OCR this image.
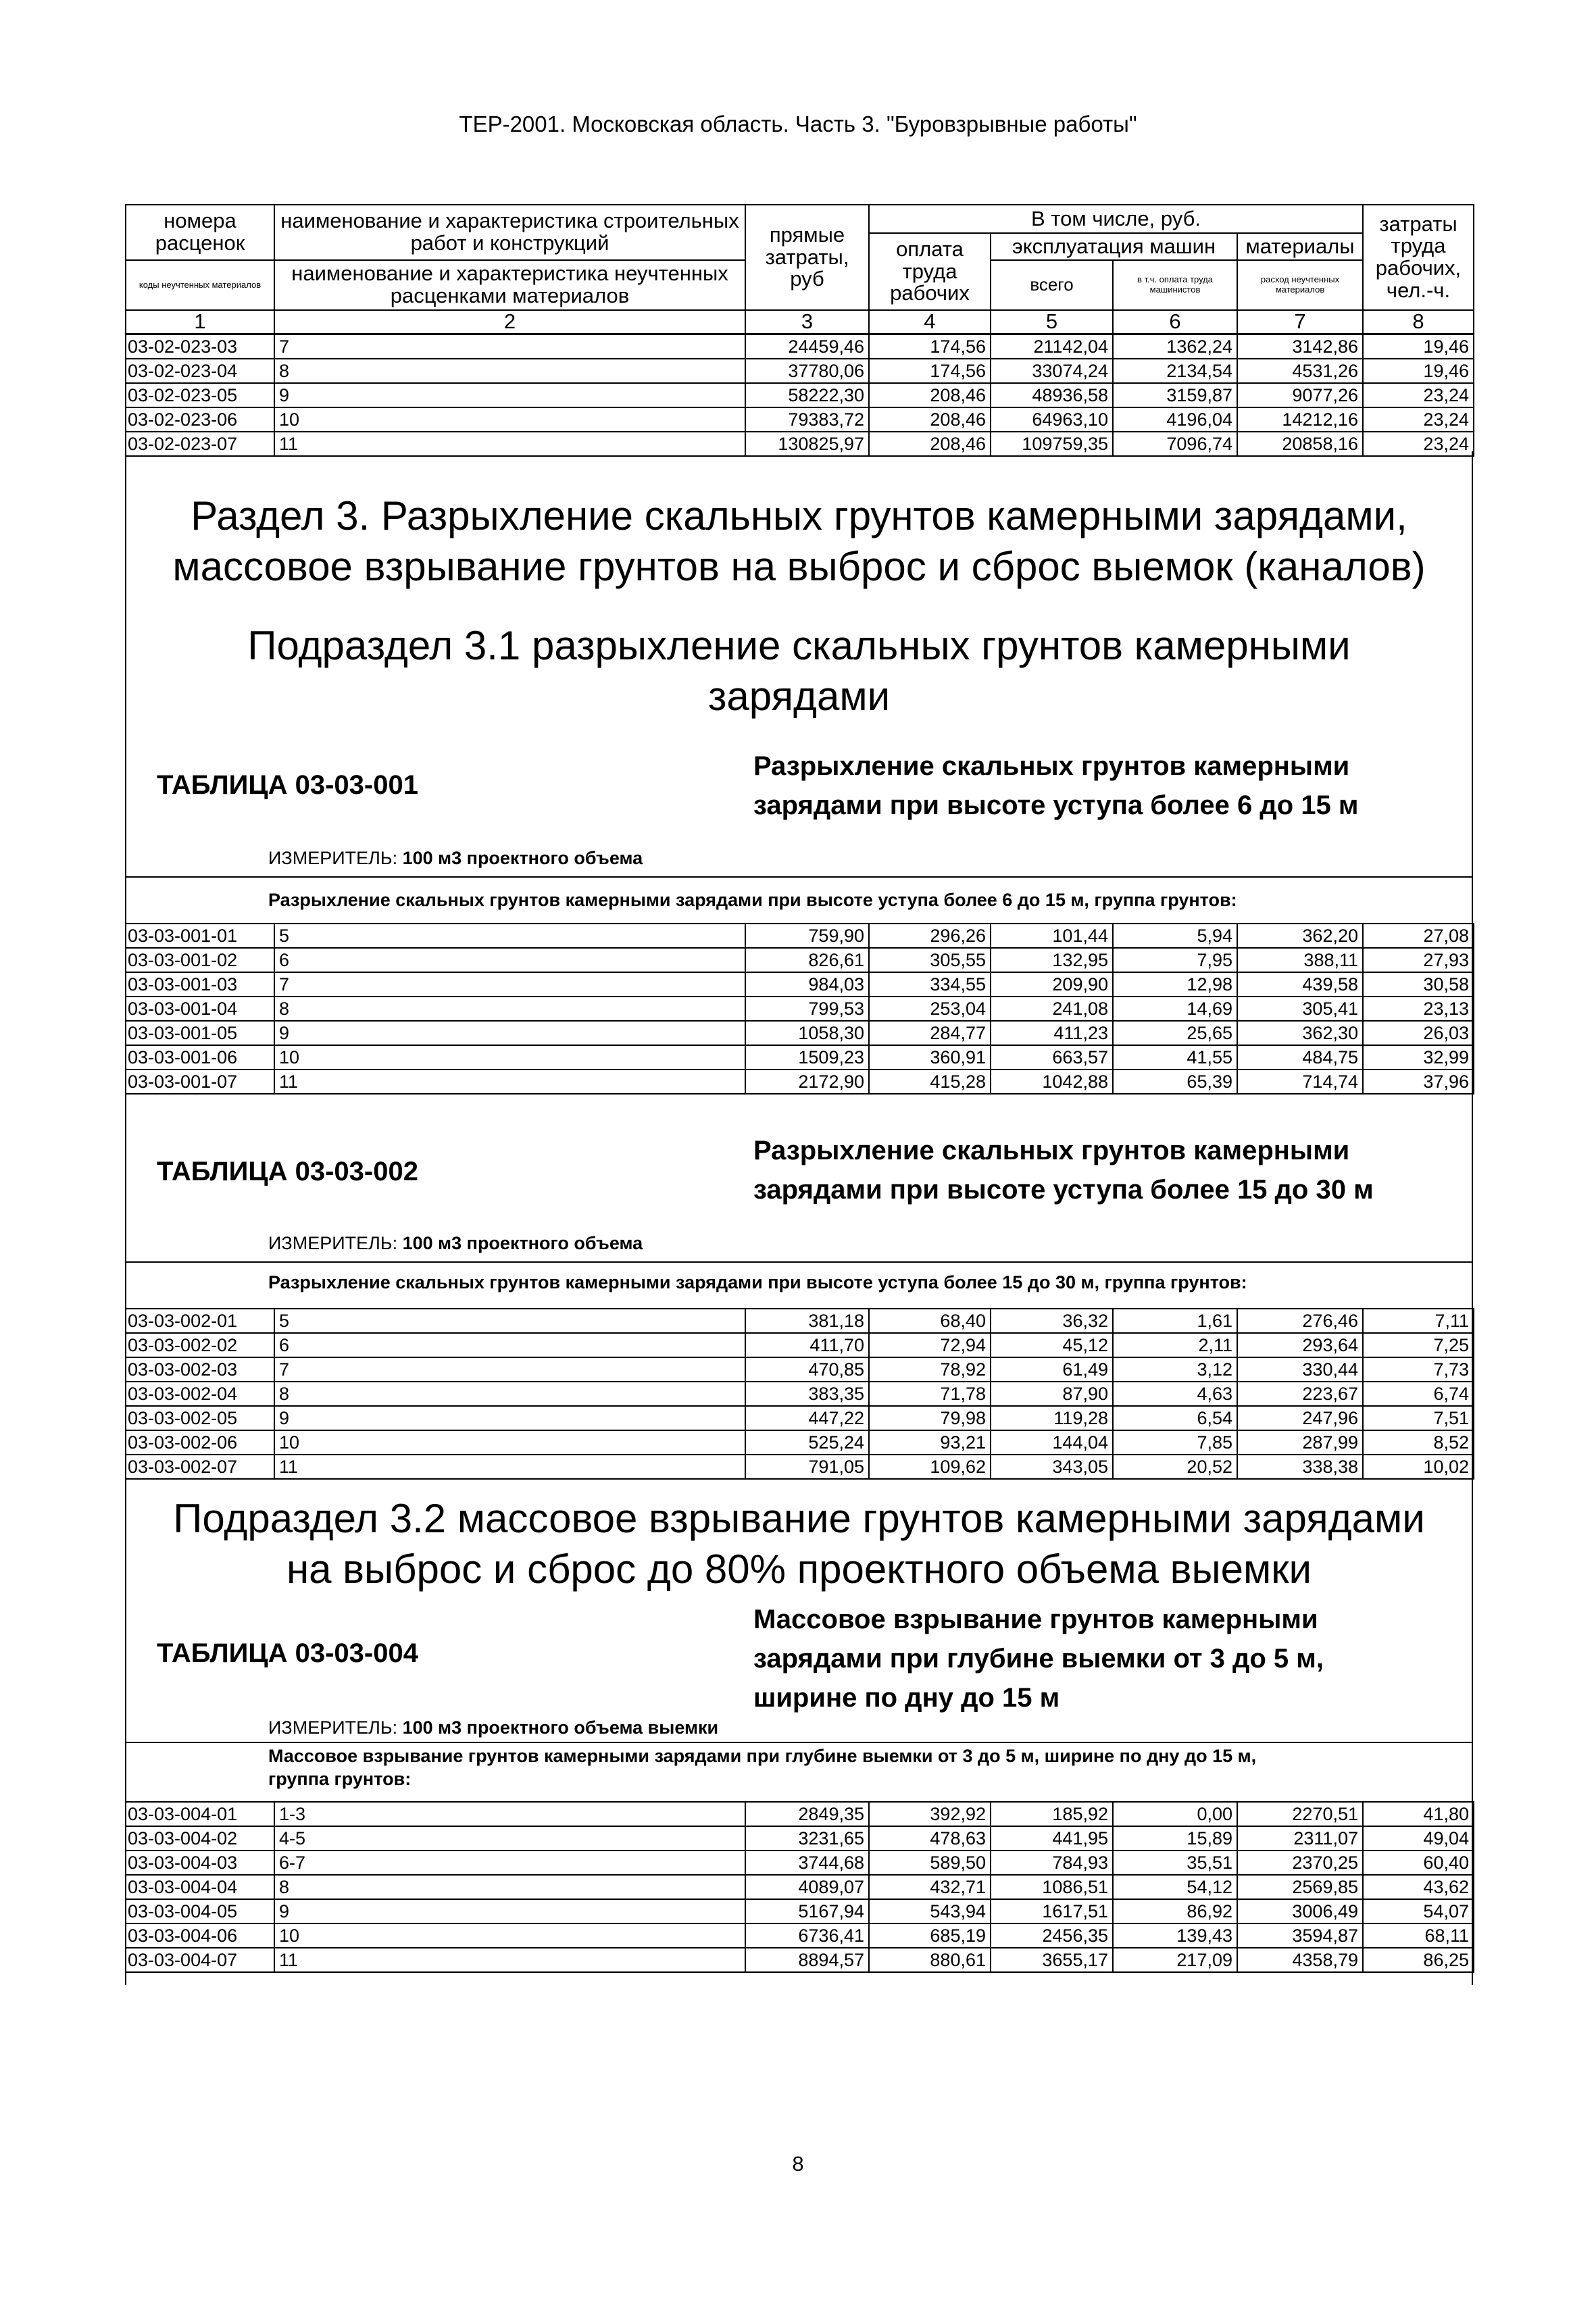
ТЕР-2001. Московская область. Часть 3. "Буровзрывные работы"
номера расценок	наименование и характеристика строительных работ и конструкций	прямые затраты, руб	В том числе, руб.				затраты труда рабочих, чел.-ч.
			оплата труда рабочих	эксплуатация машин		материалы	
коды неучтенных материалов	наименование и характеристика неучтенных расценками материалов			всего	в т.ч. оплата труда машинистов	расход неучтенных материалов	

1	2	3	4	5	6	7	8
03-02-023-03	7	24459,46	174,56	21142,04	1362,24	3142,86	19,46
03-02-023-04	8	37780,06	174,56	33074,24	2134,54	4531,26	19,46
03-02-023-05	9	58222,30	208,46	48936,58	3159,87	9077,26	23,24
03-02-023-06	10	79383,72	208,46	64963,10	4196,04	14212,16	23,24
03-02-023-07	11	130825,97	208,46	109759,35	7096,74	20858,16	23,24
Раздел 3. Разрыхление скальных грунтов камерными зарядами,
массовое взрывание грунтов на выброс и сброс выемок (каналов)
Подраздел 3.1 разрыхление скальных грунтов камерными
зарядами
ТАБЛИЦА 03-03-001
Разрыхление скальных грунтов камерными
зарядами при высоте уступа более 6 до 15 м
ИЗМЕРИТЕЛЬ: 100 м3 проектного объема
Разрыхление скальных грунтов камерными зарядами при высоте уступа более 6 до 15 м, группа грунтов:
03-03-001-01	5	759,90	296,26	101,44	5,94	362,20	27,08
03-03-001-02	6	826,61	305,55	132,95	7,95	388,11	27,93
03-03-001-03	7	984,03	334,55	209,90	12,98	439,58	30,58
03-03-001-04	8	799,53	253,04	241,08	14,69	305,41	23,13
03-03-001-05	9	1058,30	284,77	411,23	25,65	362,30	26,03
03-03-001-06	10	1509,23	360,91	663,57	41,55	484,75	32,99
03-03-001-07	11	2172,90	415,28	1042,88	65,39	714,74	37,96
ТАБЛИЦА 03-03-002
Разрыхление скальных грунтов камерными
зарядами при высоте уступа более 15 до 30 м
ИЗМЕРИТЕЛЬ: 100 м3 проектного объема
Разрыхление скальных грунтов камерными зарядами при высоте уступа более 15 до 30 м, группа грунтов:
03-03-002-01	5	381,18	68,40	36,32	1,61	276,46	7,11
03-03-002-02	6	411,70	72,94	45,12	2,11	293,64	7,25
03-03-002-03	7	470,85	78,92	61,49	3,12	330,44	7,73
03-03-002-04	8	383,35	71,78	87,90	4,63	223,67	6,74
03-03-002-05	9	447,22	79,98	119,28	6,54	247,96	7,51
03-03-002-06	10	525,24	93,21	144,04	7,85	287,99	8,52
03-03-002-07	11	791,05	109,62	343,05	20,52	338,38	10,02
Подраздел 3.2 массовое взрывание грунтов камерными зарядами
на выброс и сброс до 80% проектного объема выемки
ТАБЛИЦА 03-03-004
Массовое взрывание грунтов камерными
зарядами при глубине выемки от 3 до 5 м,
ширине по дну до 15 м
ИЗМЕРИТЕЛЬ: 100 м3 проектного объема выемки
Массовое взрывание грунтов камерными зарядами при глубине выемки от 3 до 5 м, ширине по дну до 15 м,
группа грунтов:
03-03-004-01	1-3	2849,35	392,92	185,92	0,00	2270,51	41,80
03-03-004-02	4-5	3231,65	478,63	441,95	15,89	2311,07	49,04
03-03-004-03	6-7	3744,68	589,50	784,93	35,51	2370,25	60,40
03-03-004-04	8	4089,07	432,71	1086,51	54,12	2569,85	43,62
03-03-004-05	9	5167,94	543,94	1617,51	86,92	3006,49	54,07
03-03-004-06	10	6736,41	685,19	2456,35	139,43	3594,87	68,11
03-03-004-07	11	8894,57	880,61	3655,17	217,09	4358,79	86,25
8
